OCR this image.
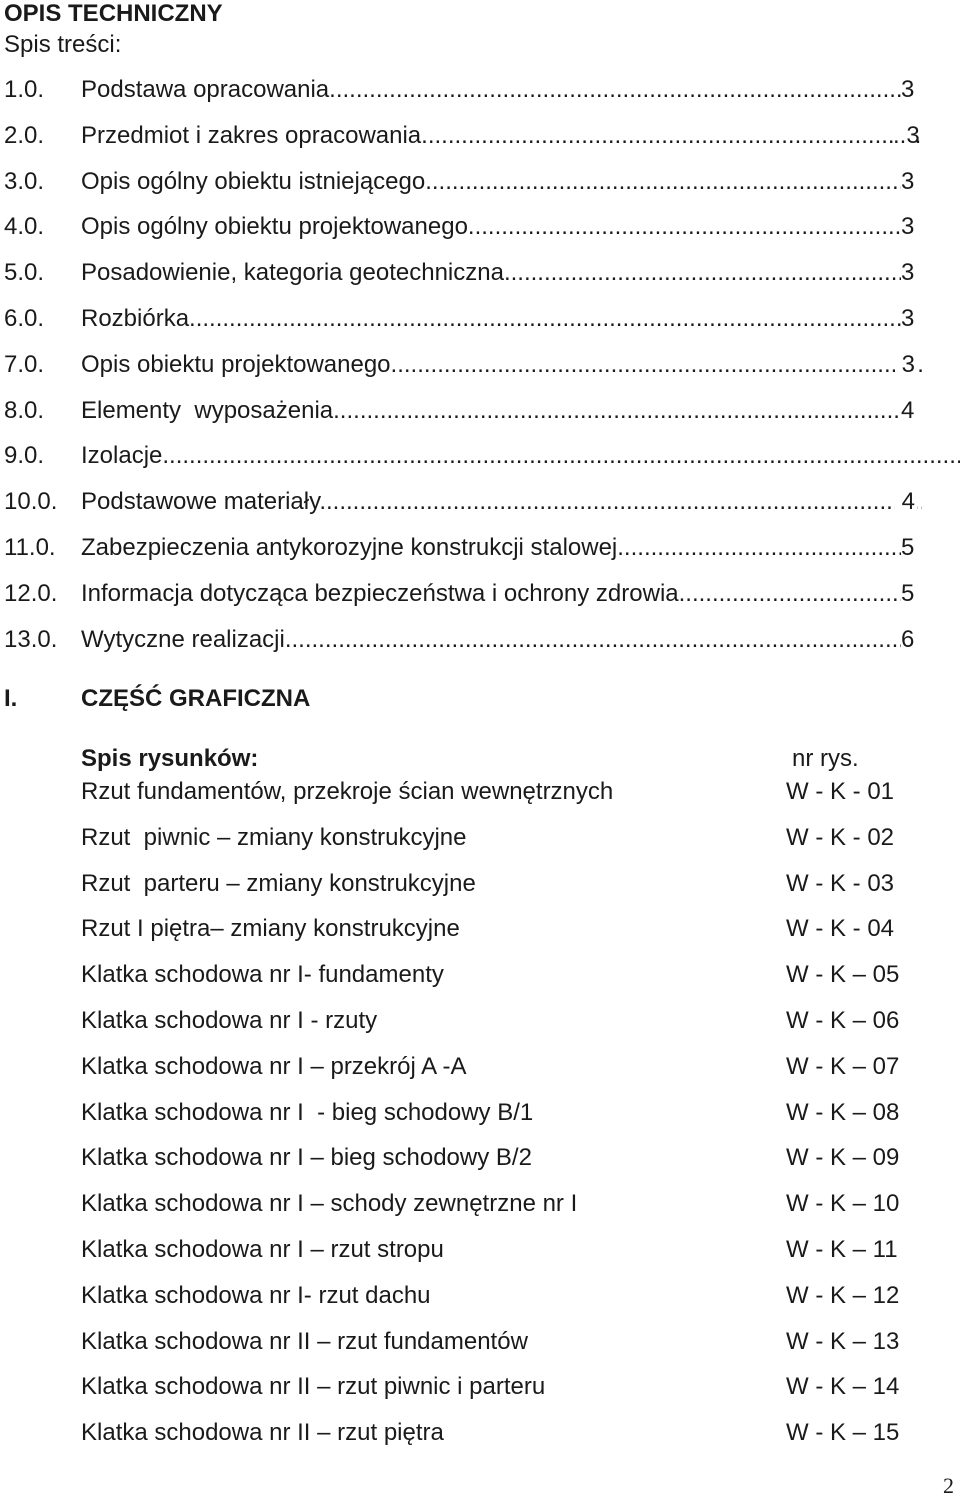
OPIS TECHNICZNY
Spis treści:
1.0. Podstawa opracowania .....	3
2.0. Przedmiot i zakres opracowania .....	..3
3.0. Opis ogólny obiektu istniejącego .....	3
4.0. Opis ogólny obiektu projektowanego .....	3
5.0. Posadowienie, kategoria geotechniczna .....	3
6.0. Rozbiórka .....	3
7.0. Opis obiektu projektowanego .....	3
8.0. Elementy  wyposażenia .....	4
9.0. Izolacje .....
10.0. Podstawowe materiały .....	4
11.0. Zabezpieczenia antykorozyjne konstrukcji stalowej .....	5
12.0. Informacja dotycząca bezpieczeństwa i ochrony zdrowia .....	5
13.0. Wytyczne realizacji .....	6
I.	CZĘŚĆ GRAFICZNA
Spis rysunków:	nr rys.
Rzut fundamentów, przekroje ścian wewnętrznych	W - K - 01
Rzut  piwnic – zmiany konstrukcyjne	W - K - 02
Rzut  parteru – zmiany konstrukcyjne	W - K - 03
Rzut I piętra– zmiany konstrukcyjne	W - K - 04
Klatka schodowa nr I- fundamenty	W - K – 05
Klatka schodowa nr I - rzuty	W - K – 06
Klatka schodowa nr I – przekrój A -A	W - K – 07
Klatka schodowa nr I  - bieg schodowy B/1	W - K – 08
Klatka schodowa nr I – bieg schodowy B/2	W - K – 09
Klatka schodowa nr I – schody zewnętrzne nr I	W - K – 10
Klatka schodowa nr I – rzut stropu	W - K – 11
Klatka schodowa nr I- rzut dachu	W - K – 12
Klatka schodowa nr II – rzut fundamentów	W - K – 13
Klatka schodowa nr II – rzut piwnic i parteru	W - K – 14
Klatka schodowa nr II – rzut piętra	W - K – 15
2
